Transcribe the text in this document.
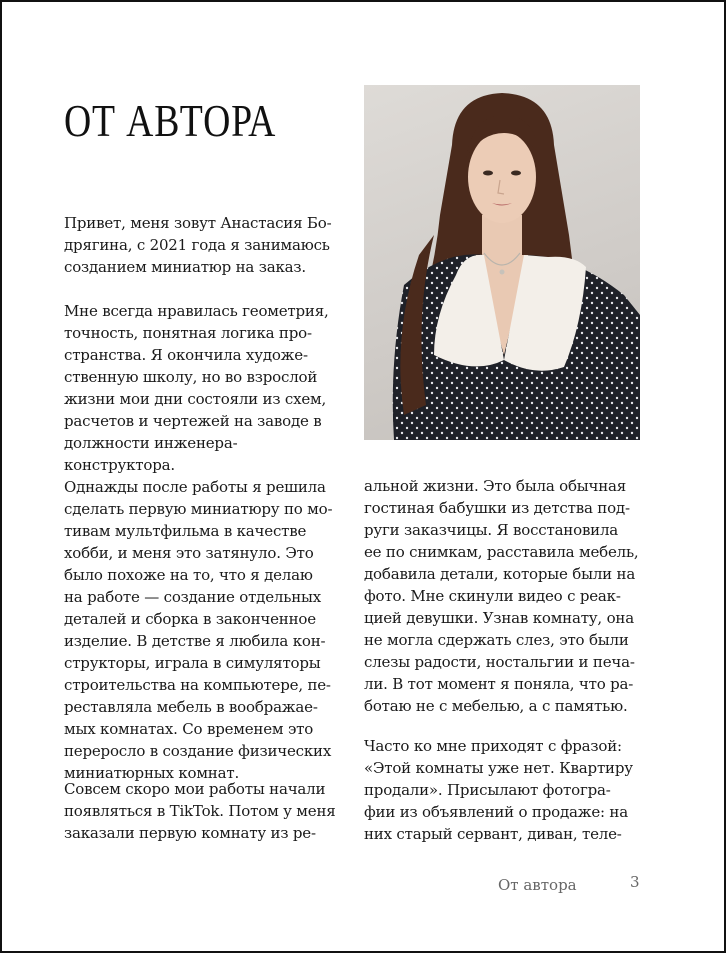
ОТ АВТОРА

Привет, меня зовут Анастасия Бо-
дрягина, с 2021 года я занимаюсь
созданием миниатюр на заказ.

Мне всегда нравилась геометрия,
точность, понятная логика про-
странства. Я окончила художе-
ственную школу, но во взрослой
жизни мои дни состояли из схем,
расчетов и чертежей на заводе в
должности инженера-конструктора.
Однажды после работы я решила
сделать первую миниатюру по мо-
тивам мультфильма в качестве
хобби, и меня это затянуло. Это
было похоже на то, что я делаю
на работе — создание отдельных
деталей и сборка в законченное
изделие. В детстве я любила кон-
структоры, играла в симуляторы
строительства на компьютере, пе-
реставляла мебель в воображае-
мых комнатах. Со временем это
переросло в создание физических
миниатюрных комнат.

Совсем скоро мои работы начали
появляться в TikTok. Потом у меня
заказали первую комнату из ре-

альной жизни. Это была обычная
гостиная бабушки из детства под-
руги заказчицы. Я восстановила
ее по снимкам, расставила мебель,
добавила детали, которые были на
фото. Мне скинули видео с реак-
цией девушки. Узнав комнату, она
не могла сдержать слез, это были
слезы радости, ностальгии и печа-
ли. В тот момент я поняла, что ра-
ботаю не с мебелью, а с памятью.

Часто ко мне приходят с фразой:
«Этой комнаты уже нет. Квартиру
продали». Присылают фотогра-
фии из объявлений о продаже: на
них старый сервант, диван, теле-

От автора	3
